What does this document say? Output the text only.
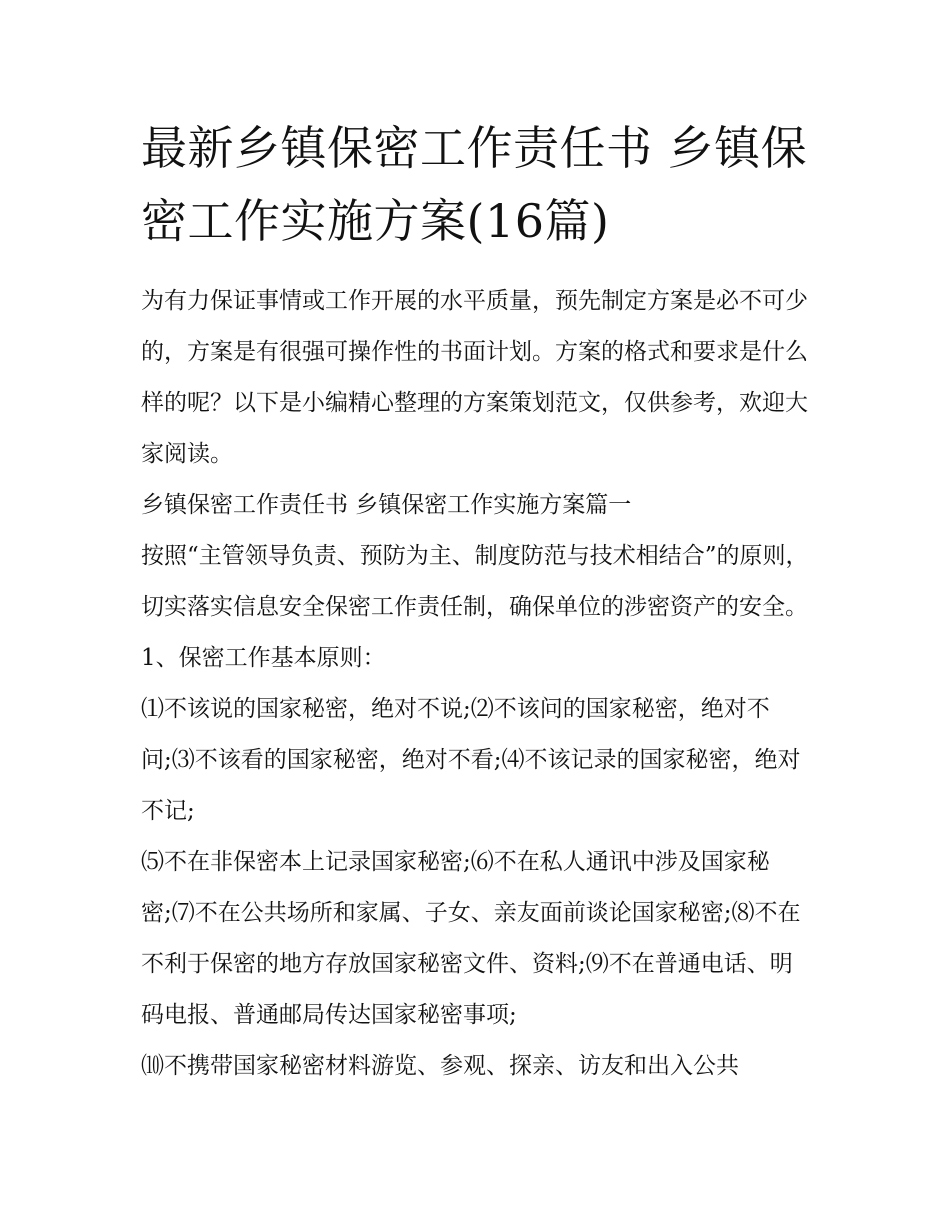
最新乡镇保密工作责任书 乡镇保密工作实施方案(16篇)

为有力保证事情或工作开展的水平质量，预先制定方案是必不可少的，方案是有很强可操作性的书面计划。方案的格式和要求是什么样的呢？以下是小编精心整理的方案策划范文，仅供参考，欢迎大家阅读。

乡镇保密工作责任书 乡镇保密工作实施方案篇一

按照“主管领导负责、预防为主、制度防范与技术相结合”的原则，切实落实信息安全保密工作责任制，确保单位的涉密资产的安全。 1、保密工作基本原则：

⑴不该说的国家秘密，绝对不说;⑵不该问的国家秘密，绝对不问;⑶不该看的国家秘密，绝对不看;⑷不该记录的国家秘密，绝对不记;

⑸不在非保密本上记录国家秘密;⑹不在私人通讯中涉及国家秘密;⑺不在公共场所和家属、子女、亲友面前谈论国家秘密;⑻不在不利于保密的地方存放国家秘密文件、资料;⑼不在普通电话、明码电报、普通邮局传达国家秘密事项;

⑽不携带国家秘密材料游览、参观、探亲、访友和出入公共
